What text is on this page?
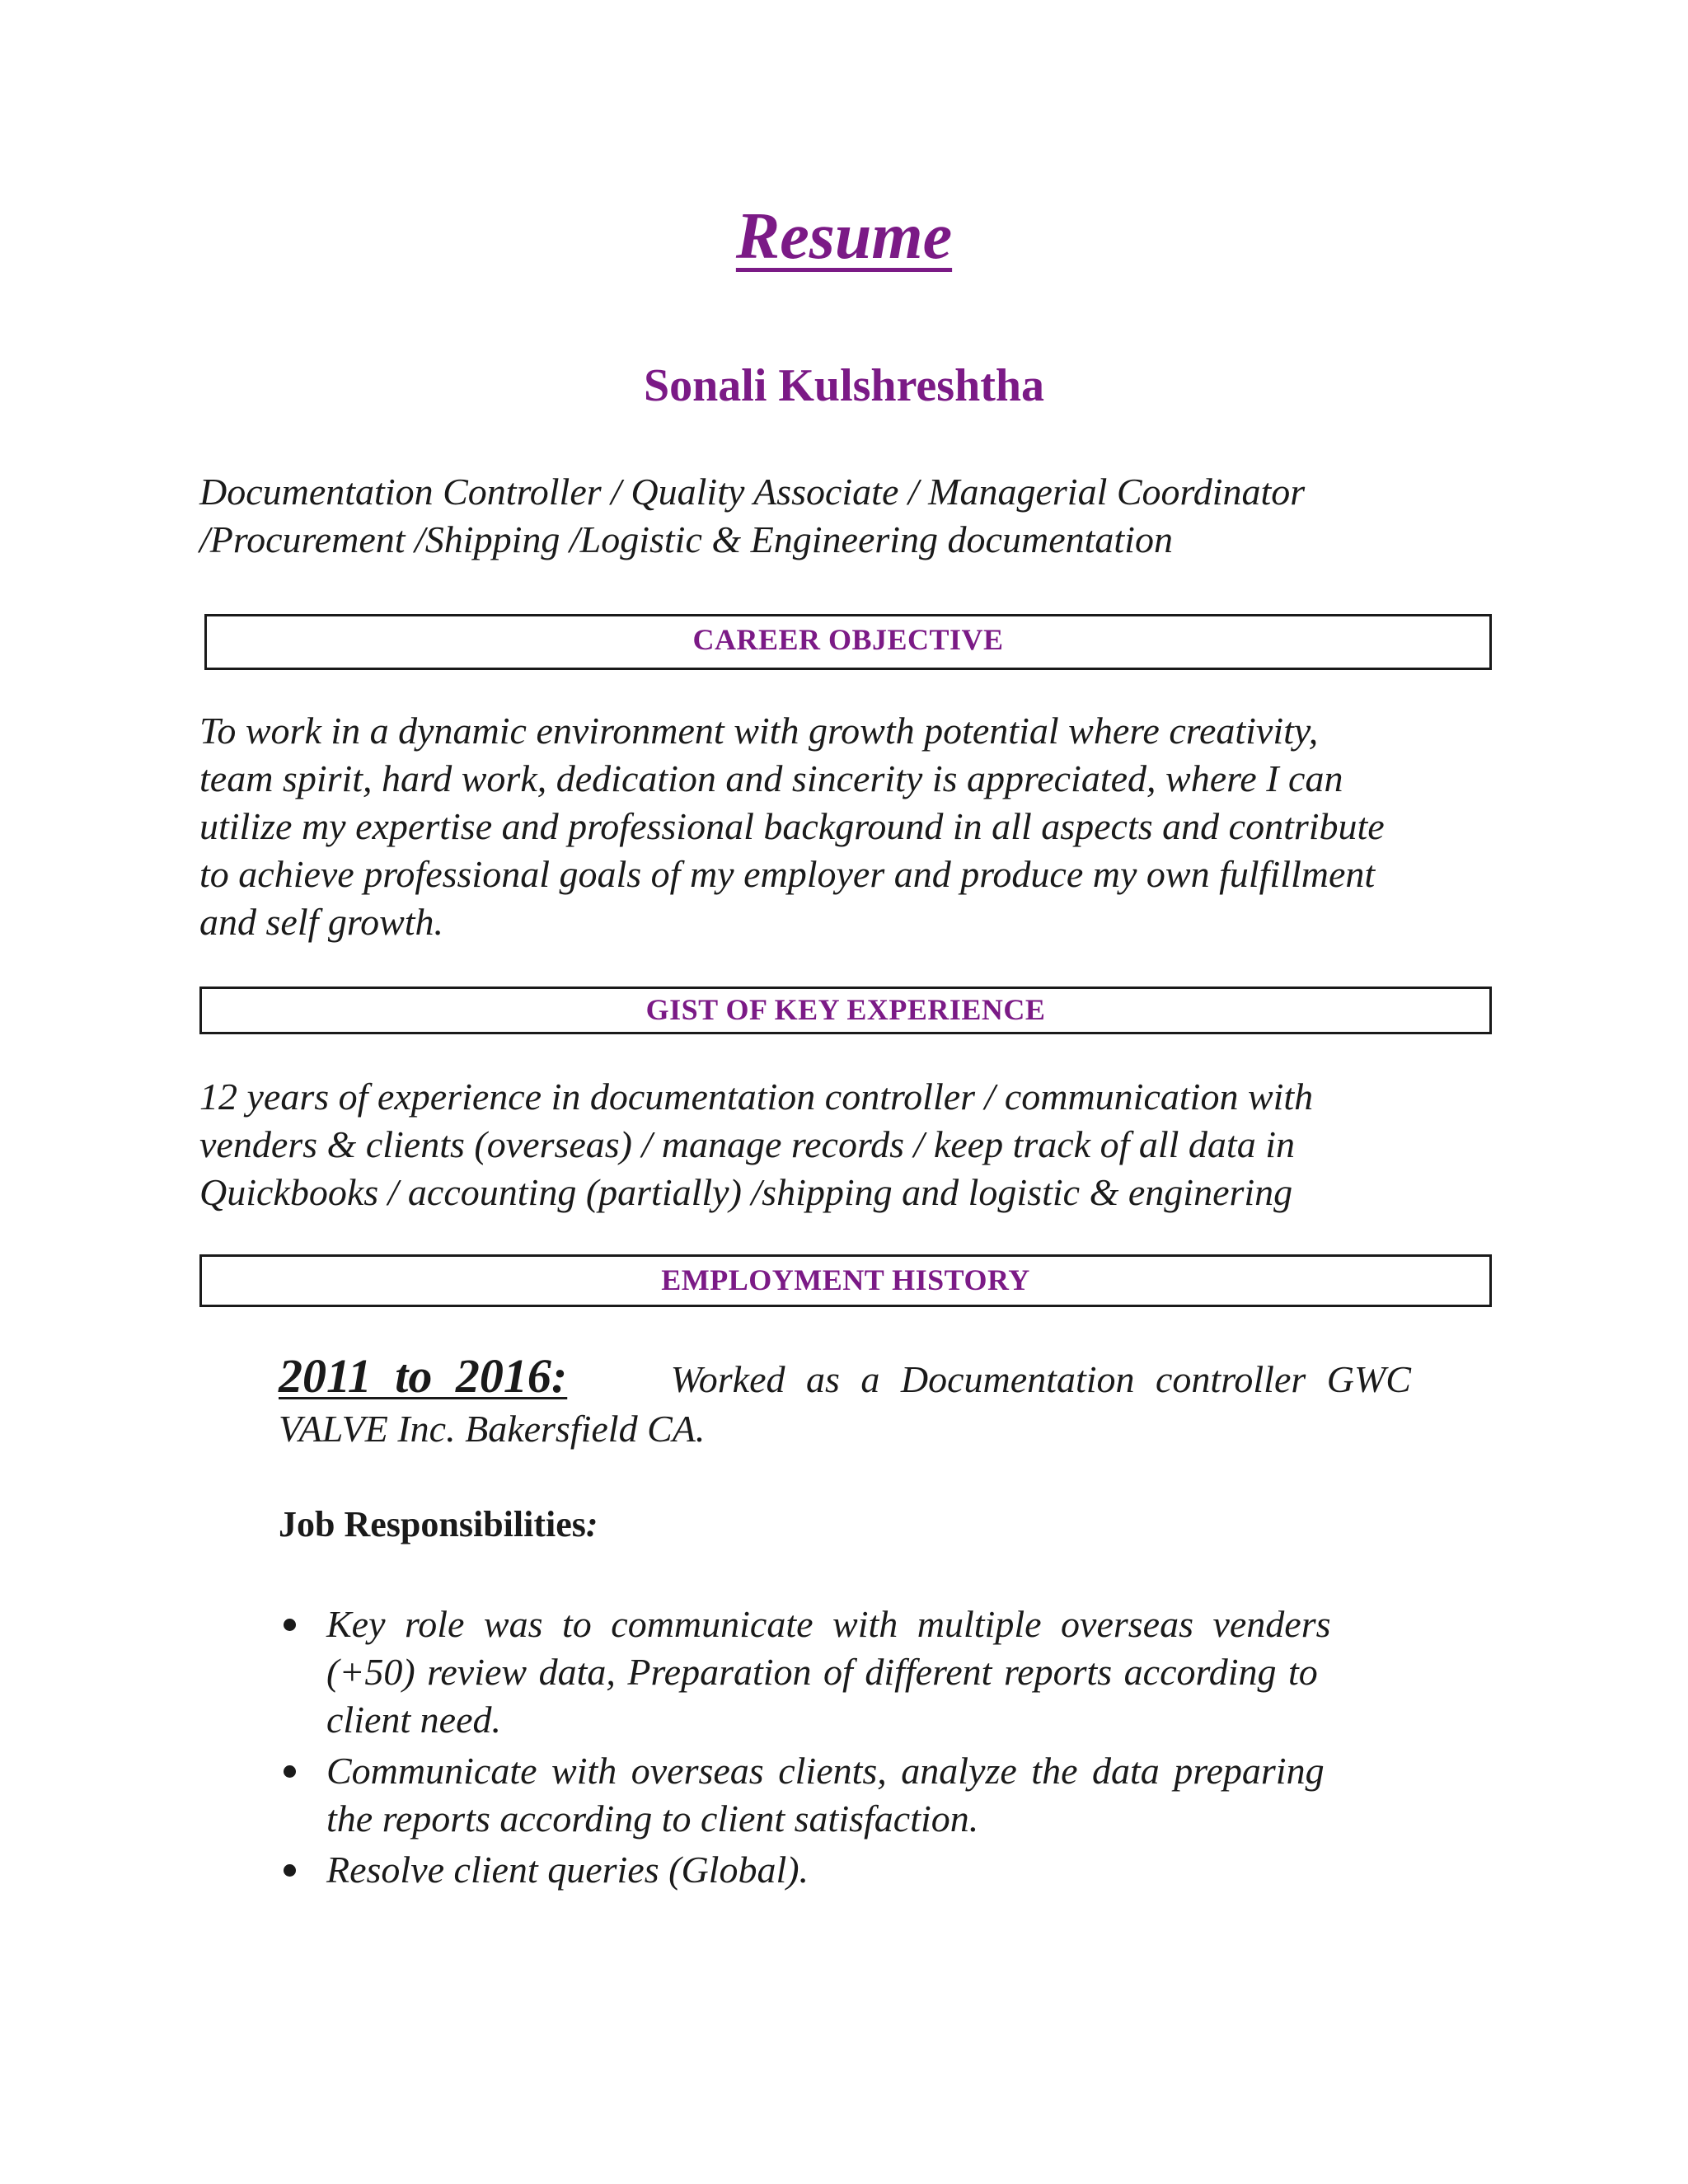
Resume
Sonali Kulshreshtha
Documentation Controller / Quality Associate / Managerial Coordinator
/Procurement /Shipping /Logistic & Engineering documentation
CAREER OBJECTIVE
To work in a dynamic environment with growth potential where creativity,
team spirit, hard work, dedication and sincerity is appreciated, where I can
utilize my expertise and professional background in all aspects and contribute
to achieve professional goals of my employer and produce my own fulfillment
and self growth.
GIST OF KEY EXPERIENCE
12 years of experience in documentation controller / communication with
venders & clients (overseas) / manage records / keep track of all data in
Quickbooks / accounting (partially) /shipping and logistic & enginering
EMPLOYMENT HISTORY
2011 to 2016:	Worked as a Documentation controller GWC
VALVE Inc. Bakersfield CA.
Job Responsibilities:
Key role was to communicate with multiple overseas venders
(+50) review data, Preparation of different reports according to
client need.
Communicate with overseas clients, analyze the data preparing
the reports according to client satisfaction.
Resolve client queries (Global).
